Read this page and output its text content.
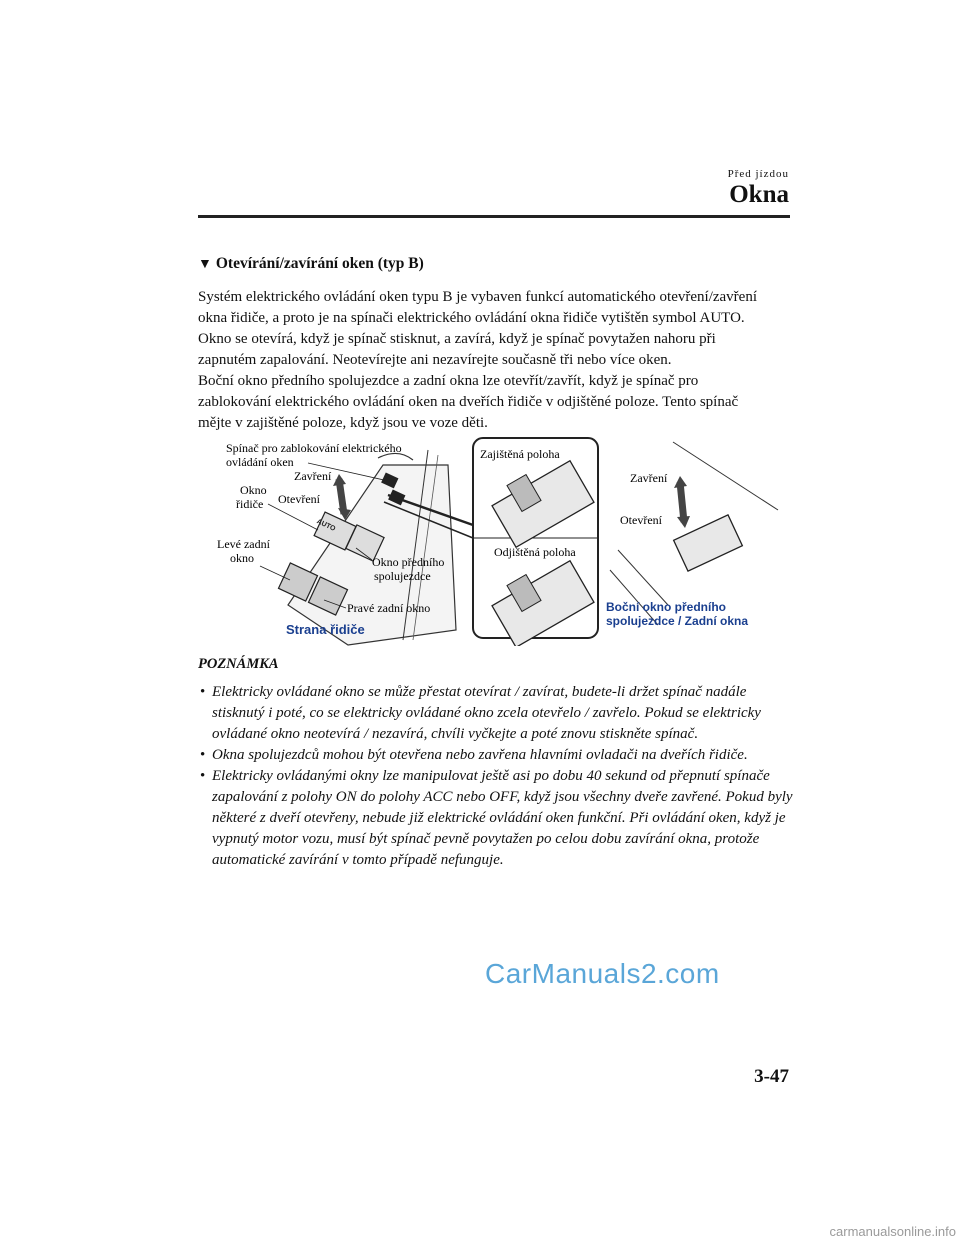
Před jízdou
Okna
▼ Otevírání/zavírání oken (typ B)

Systém elektrického ovládání oken typu B je vybaven funkcí automatického otevření/zavření

okna řidiče, a proto je na spínači elektrického ovládání okna řidiče vytištěn symbol AUTO.

Okno se otevírá, když je spínač stisknut, a zavírá, když je spínač povytažen nahoru při

zapnutém zapalování. Neotevírejte ani nezavírejte současně tři nebo více oken.

Boční okno předního spolujezdce a zadní okna lze otevřít/zavřít, když je spínač pro

zablokování elektrického ovládání oken na dveřích řidiče v odjištěné poloze. Tento spínač

mějte v zajištěné poloze, když jsou ve voze děti.

Spínač pro zablokování elektrického
ovládání oken
Zavření
Okno
řidiče Otevření
Levé zadní
okno	Okno předního
spolujezdce
Pravé zadní okno
Strana řidiče
AUTO
Zajištěná poloha
Odjištěná poloha
Zavření
Otevření
Boční okno předního
spolujezdce / Zadní okna
POZNÁMKA
• Elektricky ovládané okno se může přestat otevírat / zavírat, budete-li držet spínač nadále stisknutý i poté, co se elektricky ovládané okno zcela otevřelo / zavřelo. Pokud se elektricky ovládané okno neotevírá / nezavírá, chvíli vyčkejte a poté znovu stiskněte spínač.
• Okna spolujezdců mohou být otevřena nebo zavřena hlavními ovladači na dveřích řidiče.
• Elektricky ovládanými okny lze manipulovat ještě asi po dobu 40 sekund od přepnutí spínače zapalování z polohy ON do polohy ACC nebo OFF, když jsou všechny dveře zavřené. Pokud byly některé z dveří otevřeny, nebude již elektrické ovládání oken funkční. Při ovládání oken, když je vypnutý motor vozu, musí být spínač pevně povytažen po celou dobu zavírání okna, protože automatické zavírání v tomto případě nefunguje.
CarManuals2.com
3-47
carmanualsonline.info
